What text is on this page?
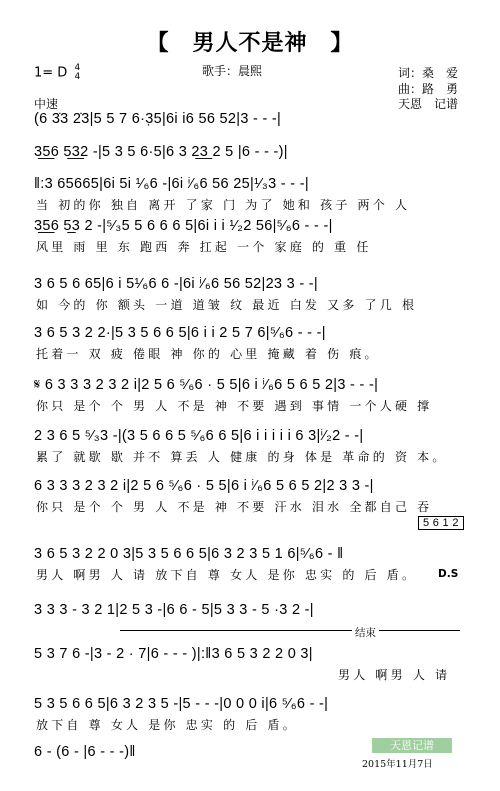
【　男人不是神　】
歌手：晨熙	词：桑　爱
曲：路　勇
天恩　记谱
1= D 4
4
中速
(6 3̇3 2̇3|5 5 7 6·3̣5|6i i6 56 52|3 - - -|
3̲5̲6 5̲3̲2 -|5 3 5 6·5|6 3 2̲3̲ 2 5 |6 - - -)|
‖:3 65665|6i 5i ¹⁄₆6 -|6i ⁱ⁄₆6 56 25|¹⁄₃3 - - -|
当 初的你 独自 离开 了家 门 为了 她和 孩子 两个 人
3̲5̲6 5̲3 2 -|⁵⁄₃5 5 6 6 6 5|6i i i ¹⁄₂2 56|⁵⁄₆6 - - -|
风里 雨 里 东 跑西 奔 扛起 一个 家庭 的 重 任
3 6 5 6 65|6 i 5¹⁄₆6 6 -|6i ⁱ⁄₆6 56 52|23 3 - -|
如 今的 你 额头 一道 道皱 纹 最近 白发 又多 了几 根
3 6 5 3 2 2·|5 3 5 6 6 5|6 i i 2 5 7 6|⁵⁄₆6 - - -|
托着一 双 疲 倦眼 神 你的 心里 掩藏 着 伤 痕。
𝄋 6 3 3 3 2 3 2 i|2 5 6 ⁵⁄₆6 · 5 5|6 i ⁱ⁄₆6 5 6 5 2|3 - - -|
你只 是个 个 男 人 不是 神 不要 遇到 事情 一个人硬 撑
2 3 6 5 ⁵⁄₃3 -|(3 5 6 6 5 ⁵⁄₆6 6 5|6 i i i i i 6 3|ⁱ⁄₂2 - -|
累了 就歇 歇 并不 算丢 人 健康 的身 体是 革命的 资 本。
6 3 3 3 2 3 2 i|2 5 6 ⁵⁄₆6 · 5 5|6 i ⁱ⁄₆6 5 6 5 2|2 3 3 -|
你只 是个 个 男 人 不是 神 不要 汗水 泪水 全都自己 吞
5 6 1 2
3 6 5 3 2 2 0 3|5 3 5 6 6 5|6 3 2 3 5 1 6|⁵⁄₆6 - ‖
男人 啊男 人 请 放下自 尊 女人 是你 忠实 的 后 盾。 D.S
3 3 3 - 3 2 1|2 5 3 -|6 6 - 5|5 3 3 - 5 ·3 2 -|
结束
5 3 7 6 -|3 - 2 · 7|6 - - - )|:‖3 6 5 3 2 2 0 3|
男人 啊男 人 请
5 3 5 6 6 5|6 3 2 3 5 -|5 - - -|0 0 0 i|6 ⁵⁄₆6 - -|
放下自 尊 女人 是你 忠实 的 后 盾。
6 - (6 - |6 - - -)‖	天恩记谱
2015年11月7日
